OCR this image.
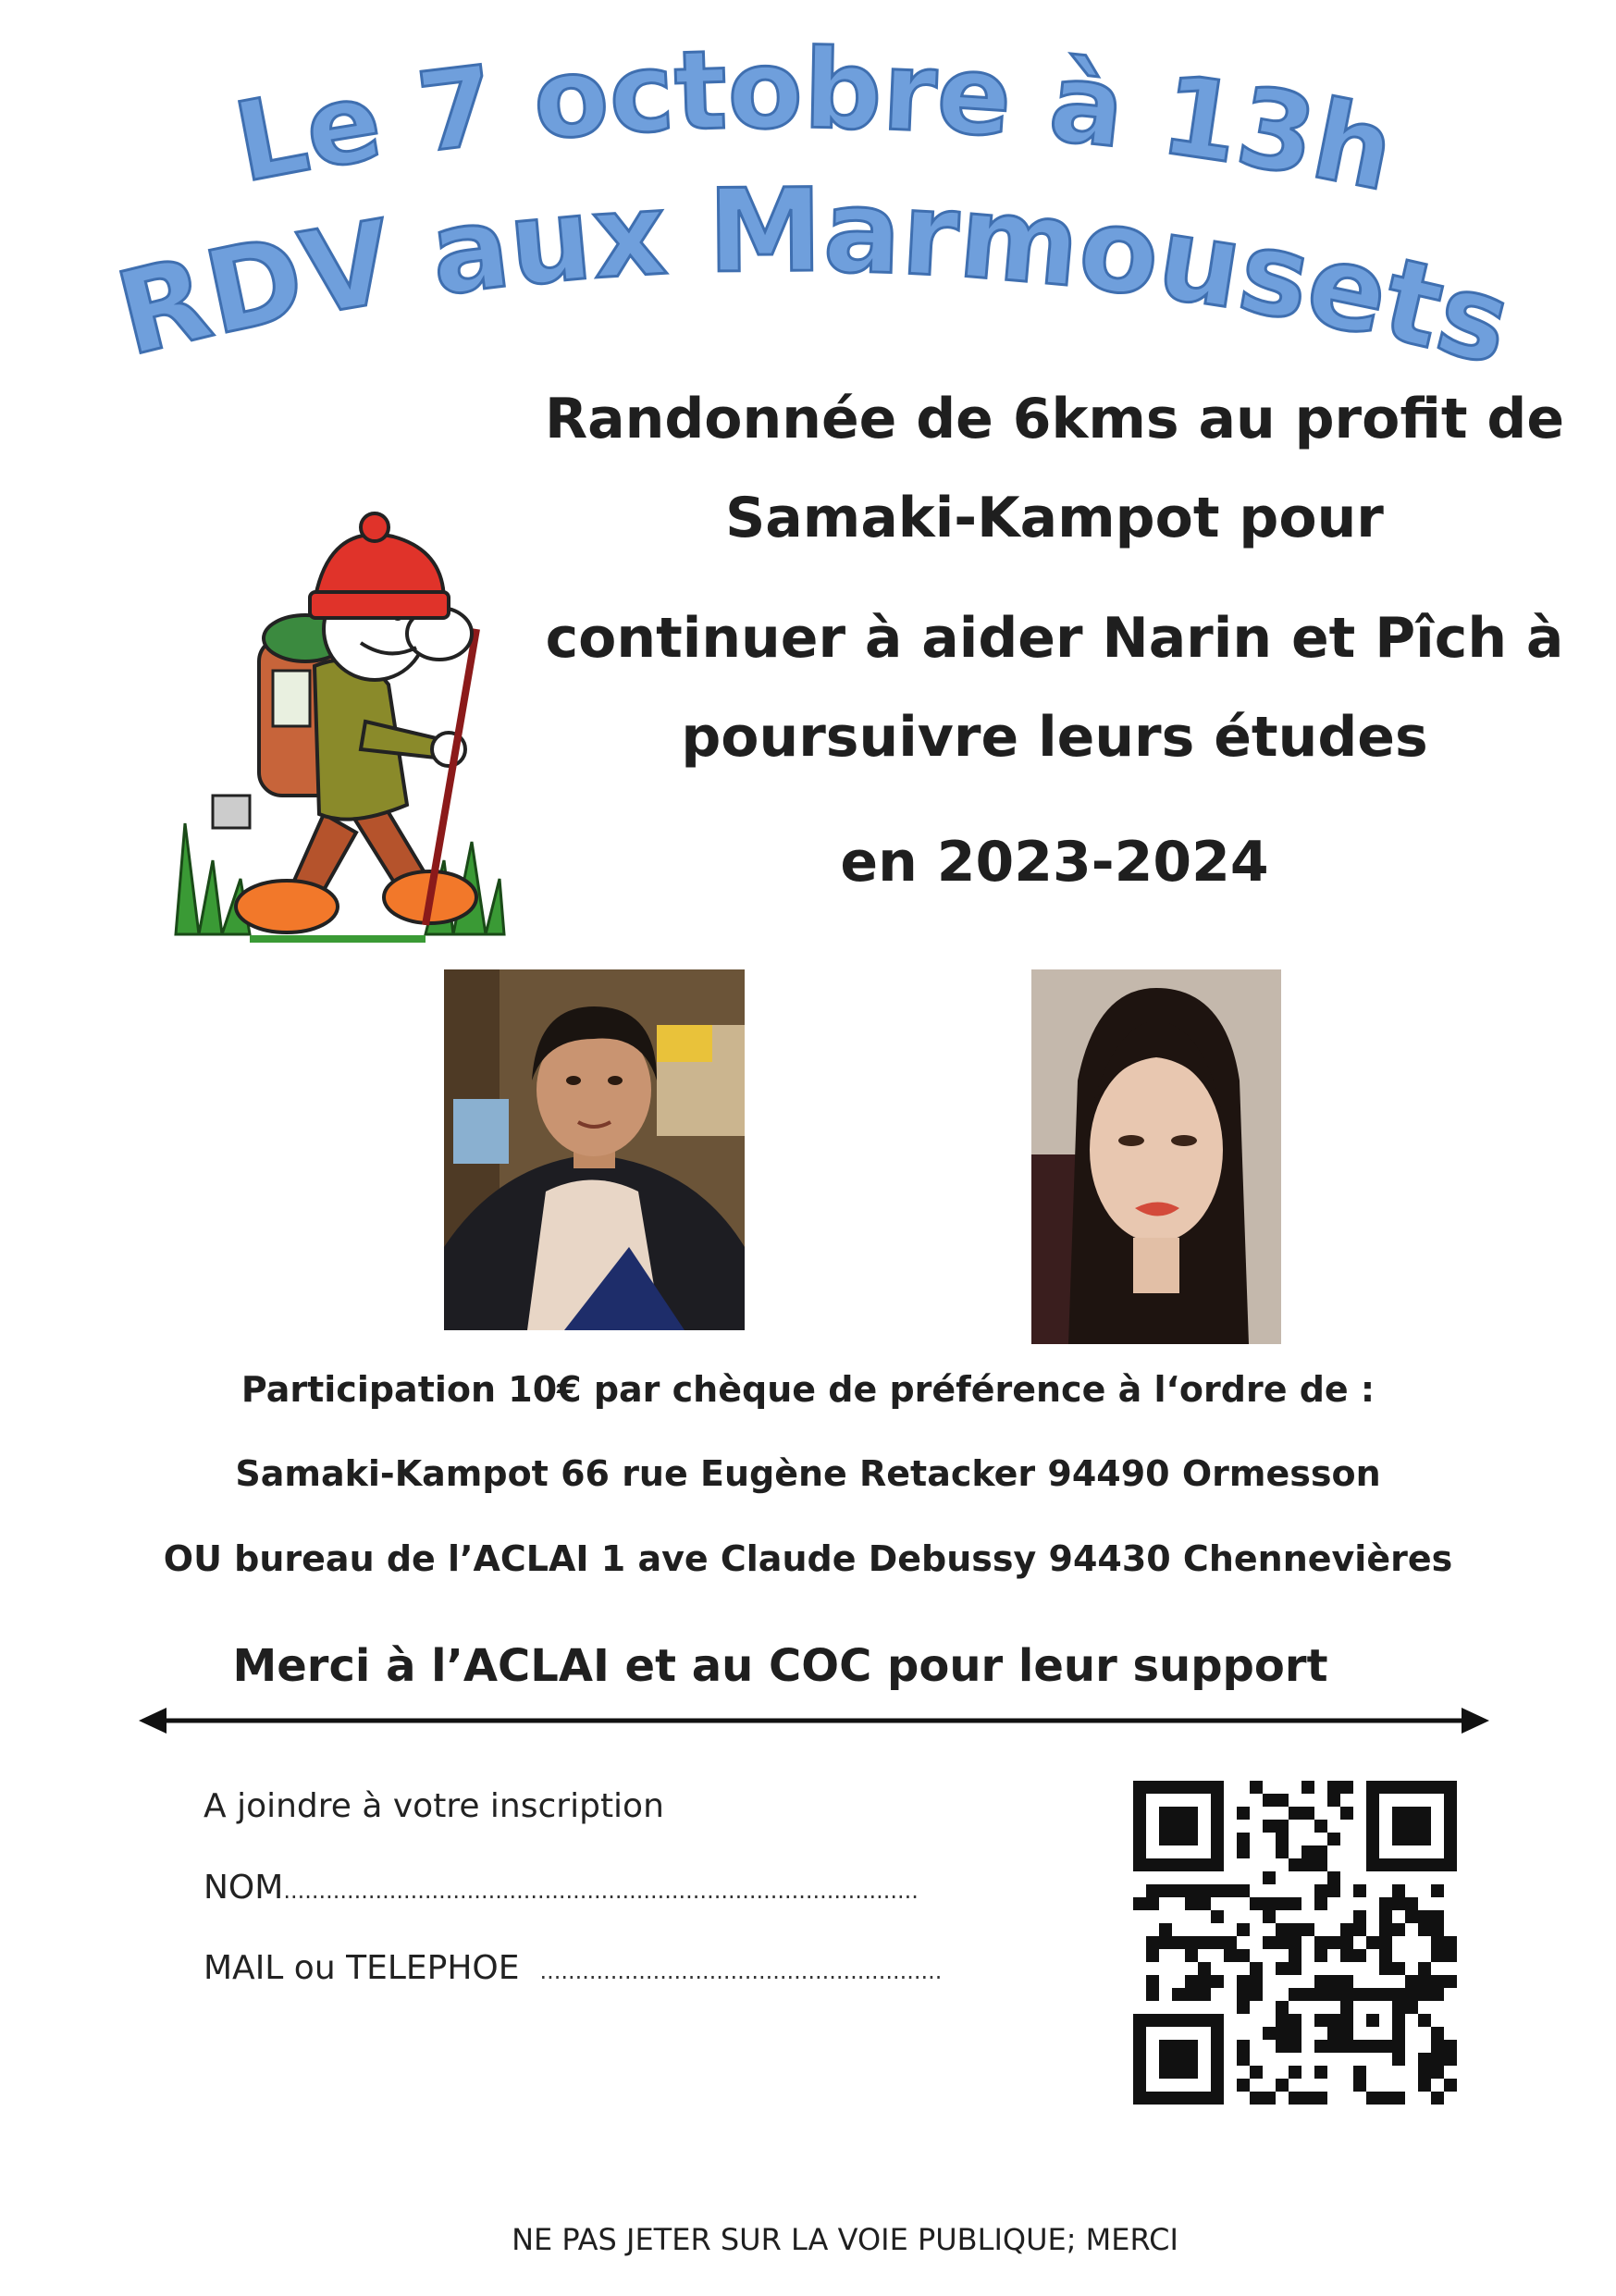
Le 7 octobre à 13h
RDV aux Marmousets
Randonnée de 6kms au profit de
Samaki-Kampot pour
continuer à aider Narin et Pîch à
poursuivre leurs études
en 2023-2024
Participation 10€ par chèque de préférence à l‘ordre de :
Samaki-Kampot 66 rue Eugène Retacker 94490 Ormesson
OU bureau de l’ACLAI 1 ave Claude Debussy 94430 Chennevières
Merci à l’ACLAI et au COC pour leur support
A joindre à votre inscription
NOM..........................................................................................
MAIL ou TELEPHOE .........................................................
NE PAS JETER SUR LA VOIE PUBLIQUE; MERCI
